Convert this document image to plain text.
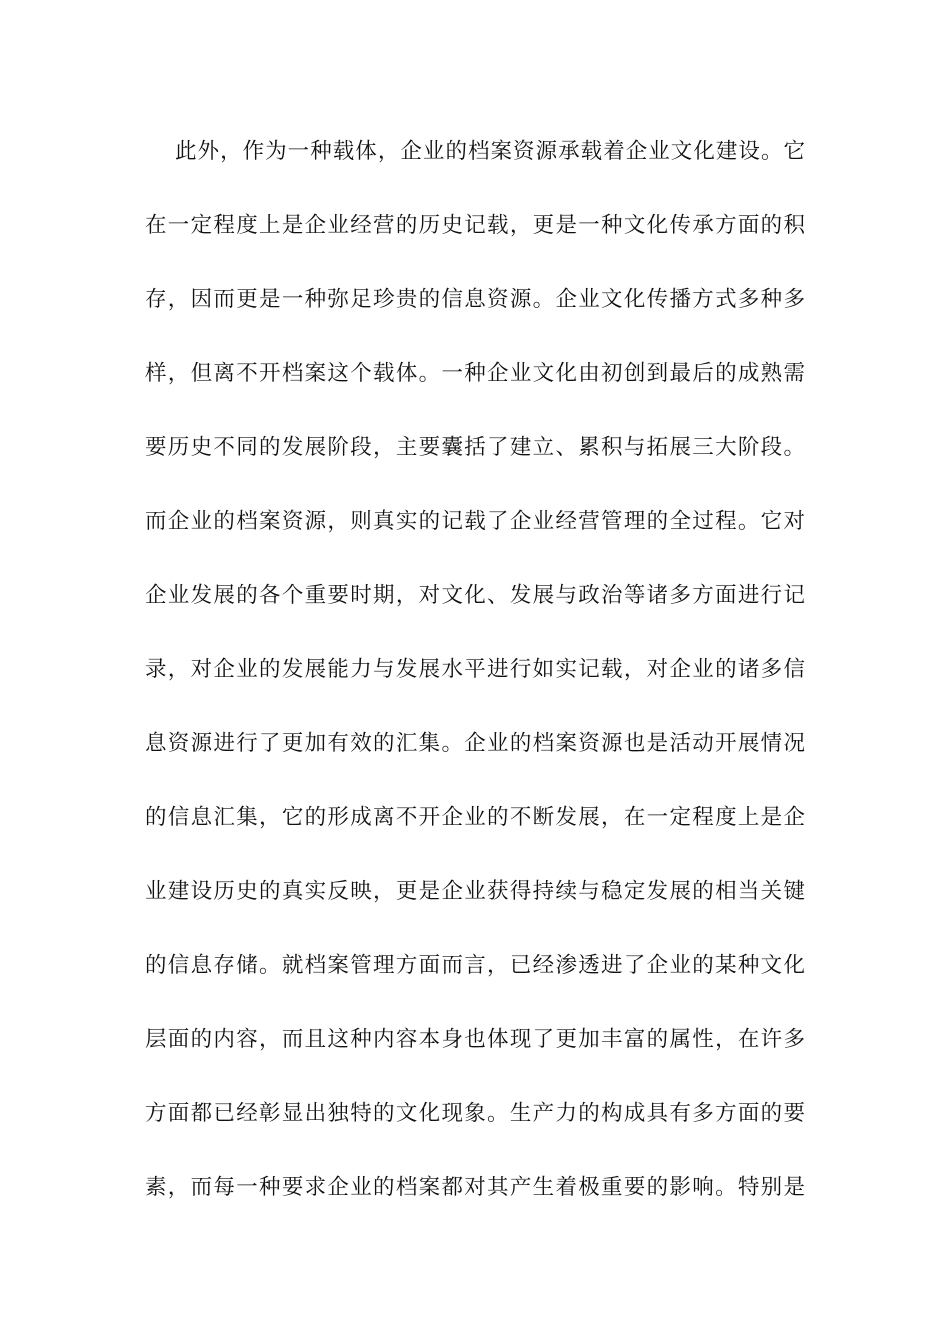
此外，作为一种载体，企业的档案资源承载着企业文化建设。它
在一定程度上是企业经营的历史记载，更是一种文化传承方面的积
存，因而更是一种弥足珍贵的信息资源。企业文化传播方式多种多
样，但离不开档案这个载体。一种企业文化由初创到最后的成熟需
要历史不同的发展阶段，主要囊括了建立、累积与拓展三大阶段。
而企业的档案资源，则真实的记载了企业经营管理的全过程。它对
企业发展的各个重要时期，对文化、发展与政治等诸多方面进行记
录，对企业的发展能力与发展水平进行如实记载，对企业的诸多信
息资源进行了更加有效的汇集。企业的档案资源也是活动开展情况
的信息汇集，它的形成离不开企业的不断发展，在一定程度上是企
业建设历史的真实反映，更是企业获得持续与稳定发展的相当关键
的信息存储。就档案管理方面而言，已经渗透进了企业的某种文化
层面的内容，而且这种内容本身也体现了更加丰富的属性，在许多
方面都已经彰显出独特的文化现象。生产力的构成具有多方面的要
素，而每一种要求企业的档案都对其产生着极重要的影响。特别是
